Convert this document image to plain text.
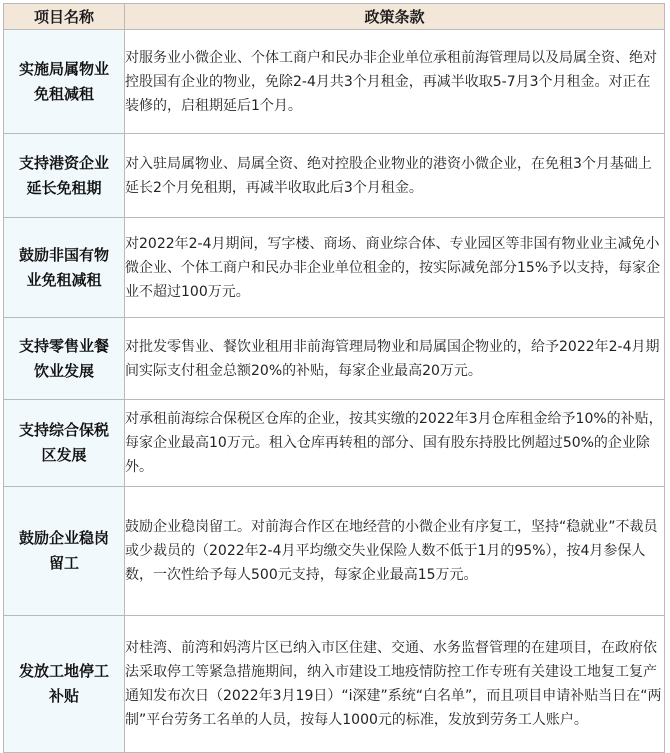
项目名称	政策条款
实施局属物业免租减租	对服务业小微企业、个体工商户和民办非企业单位承租前海管理局以及局属全资、绝对控股国有企业的物业，免除2-4月共3个月租金，再减半收取5-7月3个月租金。对正在装修的，启租期延后1个月。
支持港资企业延长免租期	对入驻局属物业、局属全资、绝对控股企业物业的港资小微企业，在免租3个月基础上延长2个月免租期，再减半收取此后3个月租金。
鼓励非国有物业免租减租	对2022年2-4月期间，写字楼、商场、商业综合体、专业园区等非国有物业业主减免小微企业、个体工商户和民办非企业单位租金的，按实际减免部分15%予以支持，每家企业不超过100万元。
支持零售业餐饮业发展	对批发零售业、餐饮业租用非前海管理局物业和局属国企物业的，给予2022年2-4月期间实际支付租金总额20%的补贴，每家企业最高20万元。
支持综合保税区发展	对承租前海综合保税区仓库的企业，按其实缴的2022年3月仓库租金给予10%的补贴，每家企业最高10万元。租入仓库再转租的部分、国有股东持股比例超过50%的企业除外。
鼓励企业稳岗留工	鼓励企业稳岗留工。对前海合作区在地经营的小微企业有序复工，坚持“稳就业”不裁员或少裁员的（2022年2-4月平均缴交失业保险人数不低于1月的95%），按4月参保人数，一次性给予每人500元支持，每家企业最高15万元。
发放工地停工补贴	对桂湾、前湾和妈湾片区已纳入市区住建、交通、水务监督管理的在建项目，在政府依法采取停工等紧急措施期间，纳入市建设工地疫情防控工作专班有关建设工地复工复产通知发布次日（2022年3月19日）“i深建”系统“白名单”，而且项目申请补贴当日在“两制”平台劳务工名单的人员，按每人1000元的标准，发放到劳务工人账户。
